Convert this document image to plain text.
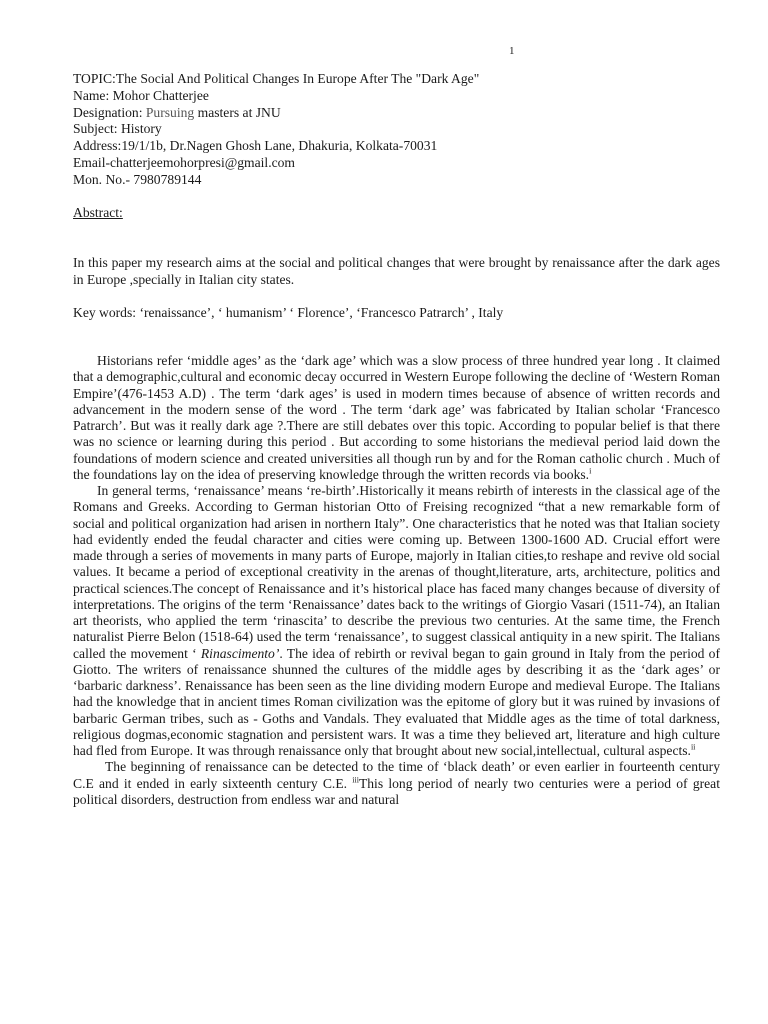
1
TOPIC:The Social And Political Changes In Europe After The "Dark Age"
Name: Mohor Chatterjee
Designation: Pursuing masters at JNU
Subject: History
Address:19/1/1b, Dr.Nagen Ghosh Lane, Dhakuria, Kolkata-70031
Email-chatterjeemohorpresi@gmail.com
Mon. No.- 7980789144
Abstract:

In this paper my research aims at the social and political changes that were brought by renaissance after the dark ages in Europe ,specially in Italian city states.

Key words: ‘renaissance’, ‘ humanism’ ‘ Florence’, ‘Francesco Patrarch’ , Italy

Historians refer ‘middle ages’ as the ‘dark age’ which was a slow process of three hundred year long . It claimed that a demographic,cultural and economic decay occurred in Western Europe following the decline of ‘Western Roman Empire’(476-1453 A.D) . The term ‘dark ages’ is used in modern times because of absence of written records and advancement in the modern sense of the word . The term ‘dark age’ was fabricated by Italian scholar ‘Francesco Patrarch’. But was it really dark age ?.There are still debates over this topic. According to popular belief is that there was no science or learning during this period . But according to some historians the medieval period laid down the foundations of modern science and created universities all though run by and for the Roman catholic church . Much of the foundations lay on the idea of preserving knowledge through the written records via books.$^i$

In general terms, ‘renaissance’ means ‘re-birth’.Historically it means rebirth of interests in the classical age of the Romans and Greeks. According to German historian Otto of Freising recognized “that a new remarkable form of social and political organization had arisen in northern Italy”. One characteristics that he noted was that Italian society had evidently ended the feudal character and cities were coming up. Between 1300-1600 AD. Crucial effort were made through a series of movements in many parts of Europe, majorly in Italian cities,to reshape and revive old social values. It became a period of exceptional creativity in the arenas of thought,literature, arts, architecture, politics and practical sciences.The concept of Renaissance and it’s historical place has faced many changes because of diversity of interpretations. The origins of the term ‘Renaissance’ dates back to the writings of Giorgio Vasari (1511-74), an Italian art theorists, who applied the term ‘rinascita’ to describe the previous two centuries. At the same time, the French naturalist Pierre Belon (1518-64) used the term ‘renaissance’, to suggest classical antiquity in a new spirit. The Italians called the movement ‘ Rinascimento’. The idea of rebirth or revival began to gain ground in Italy from the period of Giotto. The writers of renaissance shunned the cultures of the middle ages by describing it as the ‘dark ages’ or ‘barbaric darkness’. Renaissance has been seen as the line dividing modern Europe and medieval Europe. The Italians had the knowledge that in ancient times Roman civilization was the epitome of glory but it was ruined by invasions of barbaric German tribes, such as - Goths and Vandals. They evaluated that Middle ages as the time of total darkness, religious dogmas,economic stagnation and persistent wars. It was a time they believed art, literature and high culture had fled from Europe. It was through renaissance only that brought about new social,intellectual, cultural aspects.$^{ii}$

The beginning of renaissance can be detected to the time of ‘black death’ or even earlier in fourteenth century C.E and it ended in early sixteenth century C.E. $^{iii}$This long period of nearly two centuries were a period of great political disorders, destruction from endless war and natural
